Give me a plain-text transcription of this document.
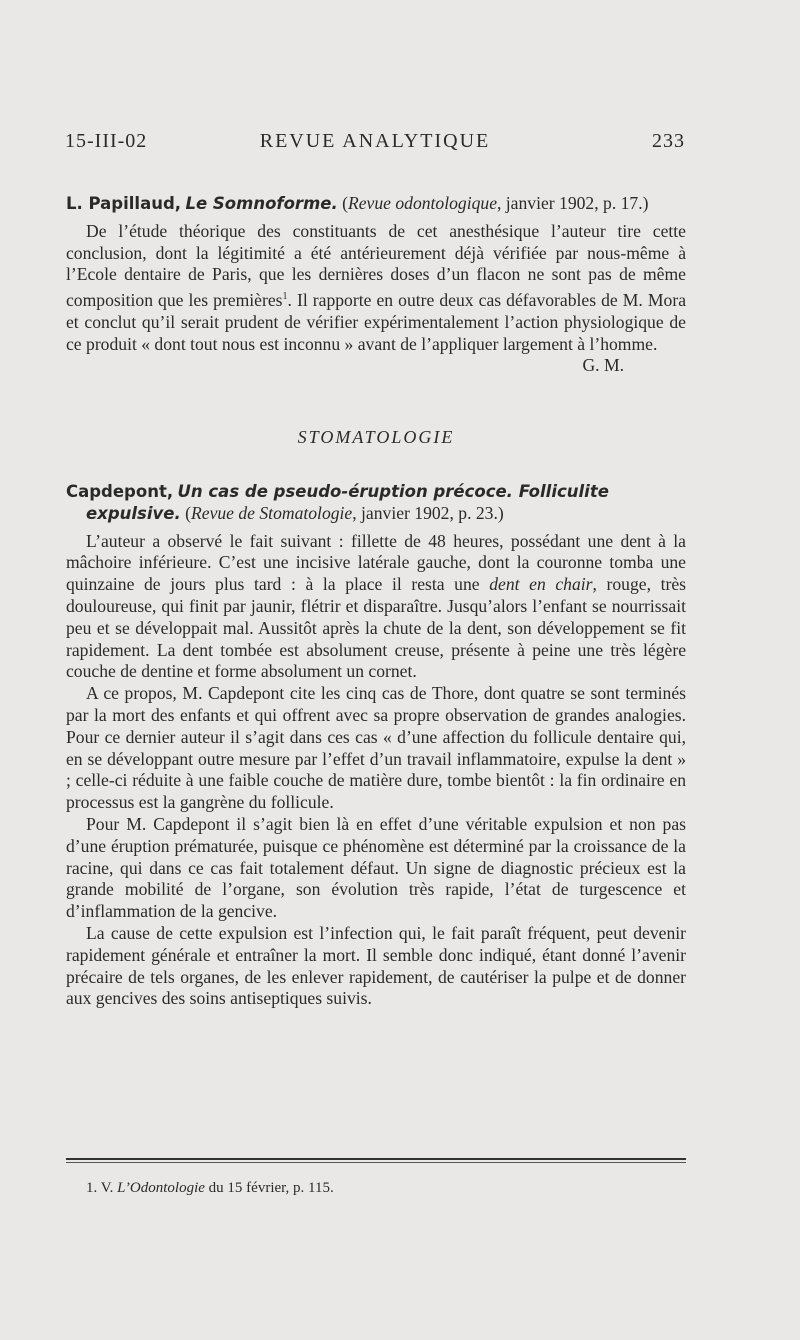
15-III-02	REVUE ANALYTIQUE	233
L. Papillaud, Le Somnoforme. (Revue odontologique, janvier 1902, p. 17.)

De l’étude théorique des constituants de cet anesthésique l’auteur tire cette conclusion, dont la légitimité a été antérieurement déjà vérifiée par nous-même à l’Ecole dentaire de Paris, que les dernières doses d’un flacon ne sont pas de même composition que les premières$^1$. Il rapporte en outre deux cas défavorables de M. Mora et conclut qu’il serait prudent de vérifier expérimentalement l’action physiologique de ce produit « dont tout nous est inconnu » avant de l’appliquer largement à l’homme.

G. M.

STOMATOLOGIE
Capdepont, Un cas de pseudo-éruption précoce. Folliculite expulsive. (Revue de Stomatologie, janvier 1902, p. 23.)

L’auteur a observé le fait suivant : fillette de 48 heures, possédant une dent à la mâchoire inférieure. C’est une incisive latérale gauche, dont la couronne tomba une quinzaine de jours plus tard : à la place il resta une dent en chair, rouge, très douloureuse, qui finit par jaunir, flétrir et disparaître. Jusqu’alors l’enfant se nourrissait peu et se développait mal. Aussitôt après la chute de la dent, son développement se fit rapidement. La dent tombée est absolument creuse, présente à peine une très légère couche de dentine et forme absolument un cornet.

A ce propos, M. Capdepont cite les cinq cas de Thore, dont quatre se sont terminés par la mort des enfants et qui offrent avec sa propre observation de grandes analogies. Pour ce dernier auteur il s’agit dans ces cas « d’une affection du follicule dentaire qui, en se développant outre mesure par l’effet d’un travail inflammatoire, expulse la dent » ; celle-ci réduite à une faible couche de matière dure, tombe bientôt : la fin ordinaire en processus est la gangrène du follicule.

Pour M. Capdepont il s’agit bien là en effet d’une véritable expulsion et non pas d’une éruption prématurée, puisque ce phénomène est déterminé par la croissance de la racine, qui dans ce cas fait totalement défaut. Un signe de diagnostic précieux est la grande mobilité de l’organe, son évolution très rapide, l’état de turgescence et d’inflammation de la gencive.

La cause de cette expulsion est l’infection qui, le fait paraît fréquent, peut devenir rapidement générale et entraîner la mort. Il semble donc indiqué, étant donné l’avenir précaire de tels organes, de les enlever rapidement, de cautériser la pulpe et de donner aux gencives des soins antiseptiques suivis.

1. V. L’Odontologie du 15 février, p. 115.
